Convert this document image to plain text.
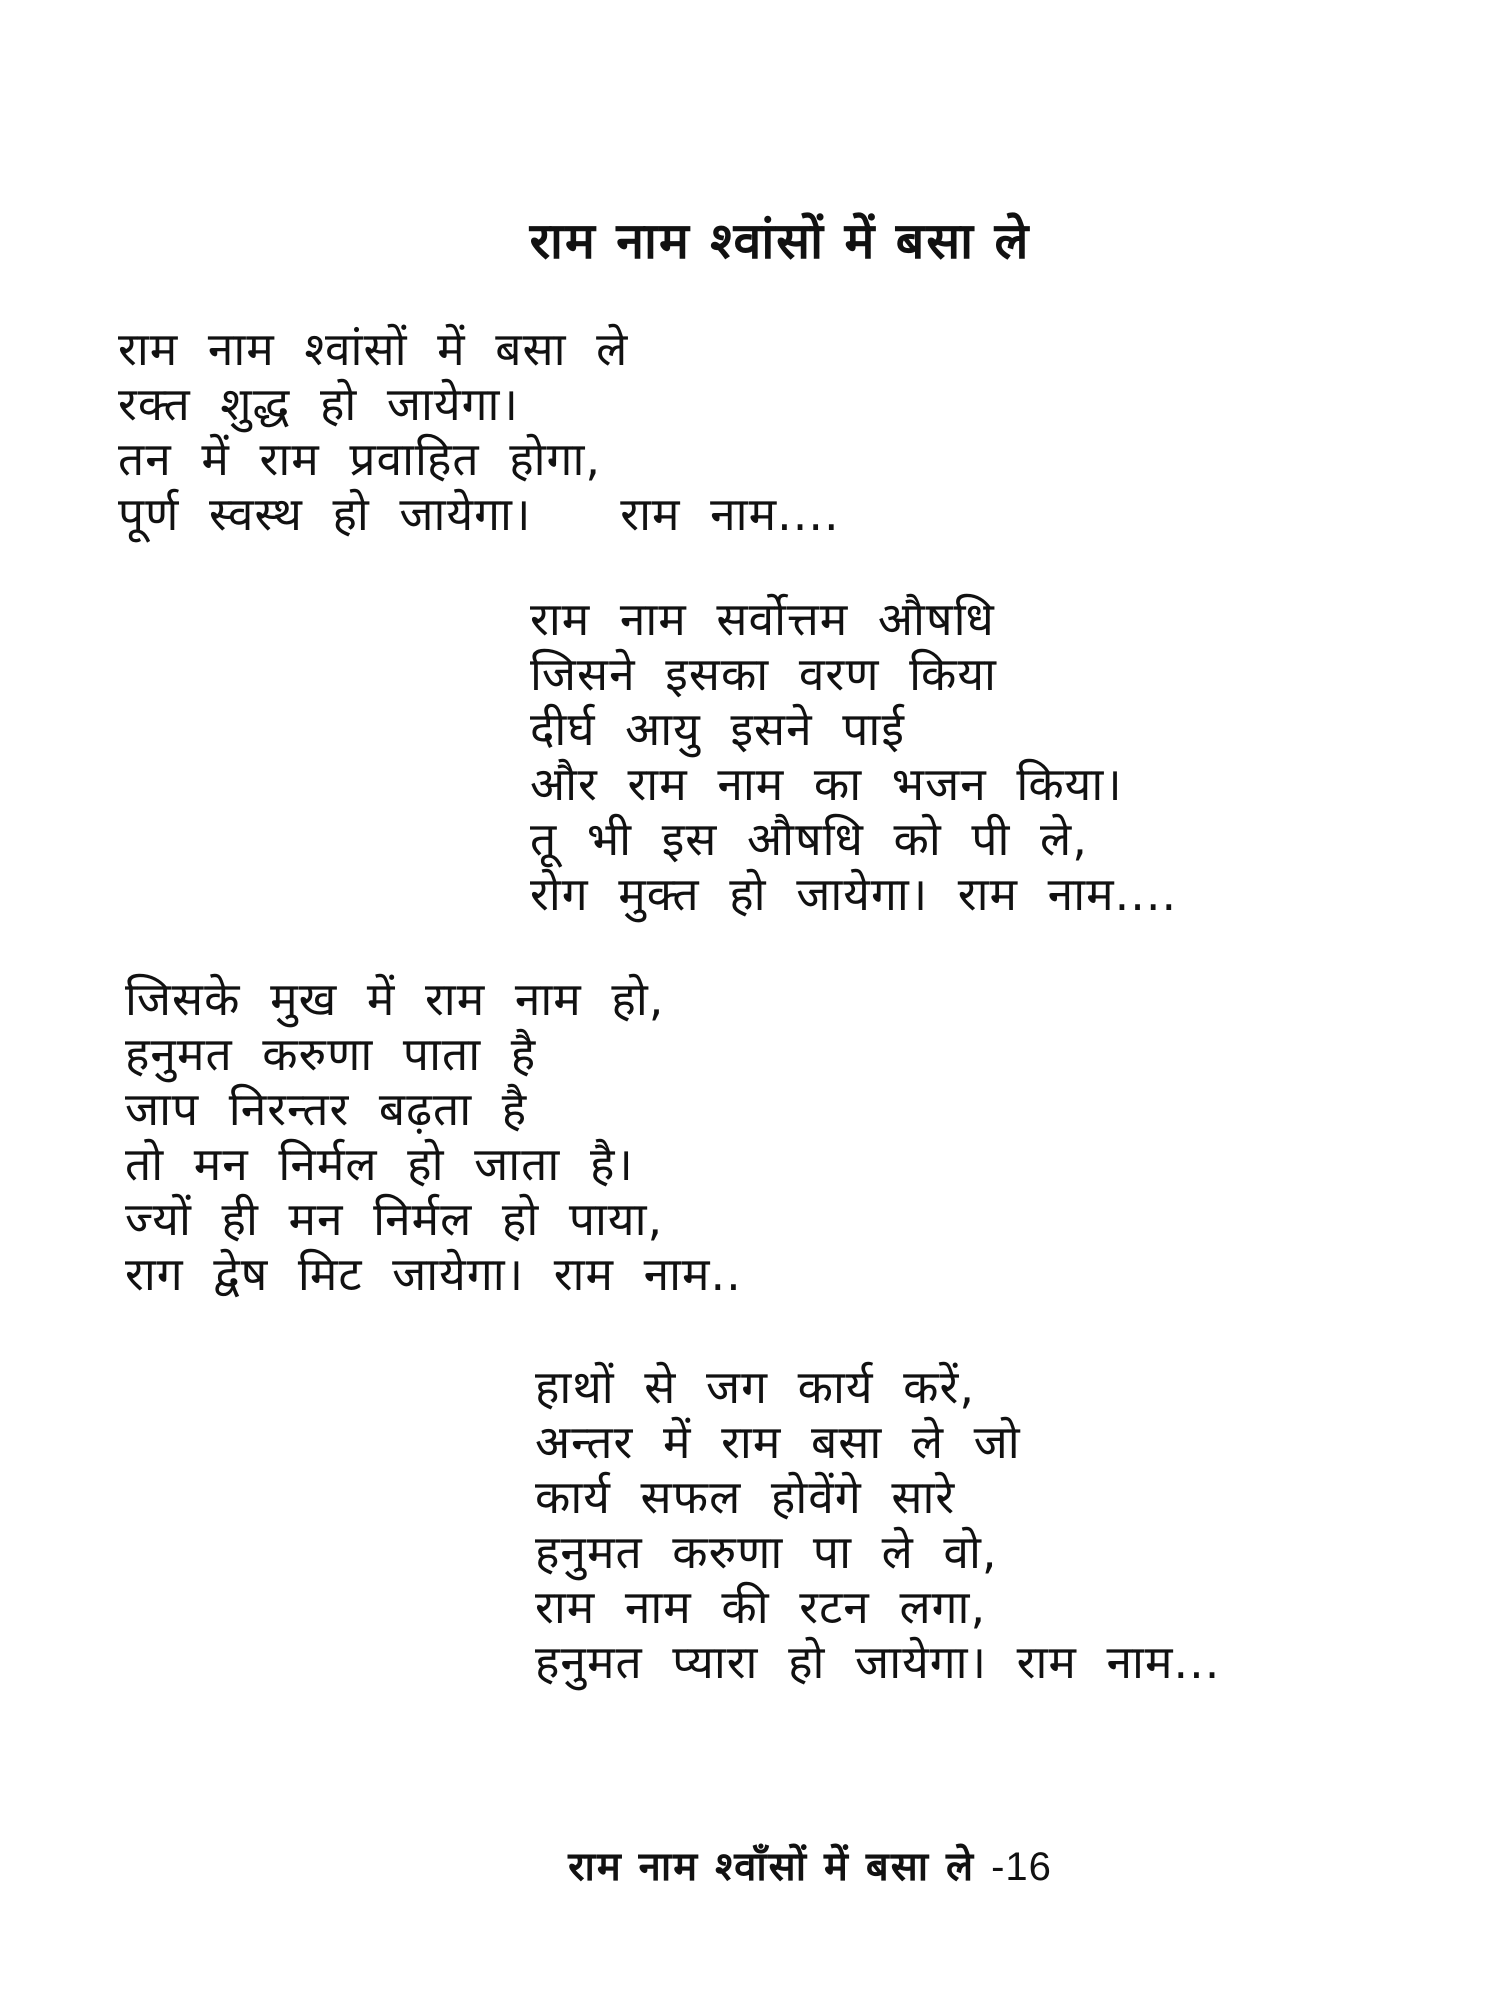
राम नाम श्वांसों में बसा ले
राम नाम श्वांसों में बसा ले
रक्त शुद्ध हो जायेगा।
तन में राम प्रवाहित होगा,
पूर्ण स्वस्थ हो जायेगा।   राम नाम....
राम नाम सर्वोत्तम औषधि
जिसने इसका वरण किया
दीर्घ आयु इसने पाई
और राम नाम का भजन किया।
तू भी इस औषधि को पी ले,
रोग मुक्त हो जायेगा। राम नाम....
जिसके मुख में राम नाम हो,
हनुमत करुणा पाता है
जाप निरन्तर बढ़ता है
तो मन निर्मल हो जाता है।
ज्यों ही मन निर्मल हो पाया,
राग द्वेष मिट जायेगा। राम नाम..
हाथों से जग कार्य करें,
अन्तर में राम बसा ले जो
कार्य सफल होवेंगे सारे
हनुमत करुणा पा ले वो,
राम नाम की रटन लगा,
हनुमत प्यारा हो जायेगा। राम नाम...
राम नाम श्वाँसों में बसा ले -16
